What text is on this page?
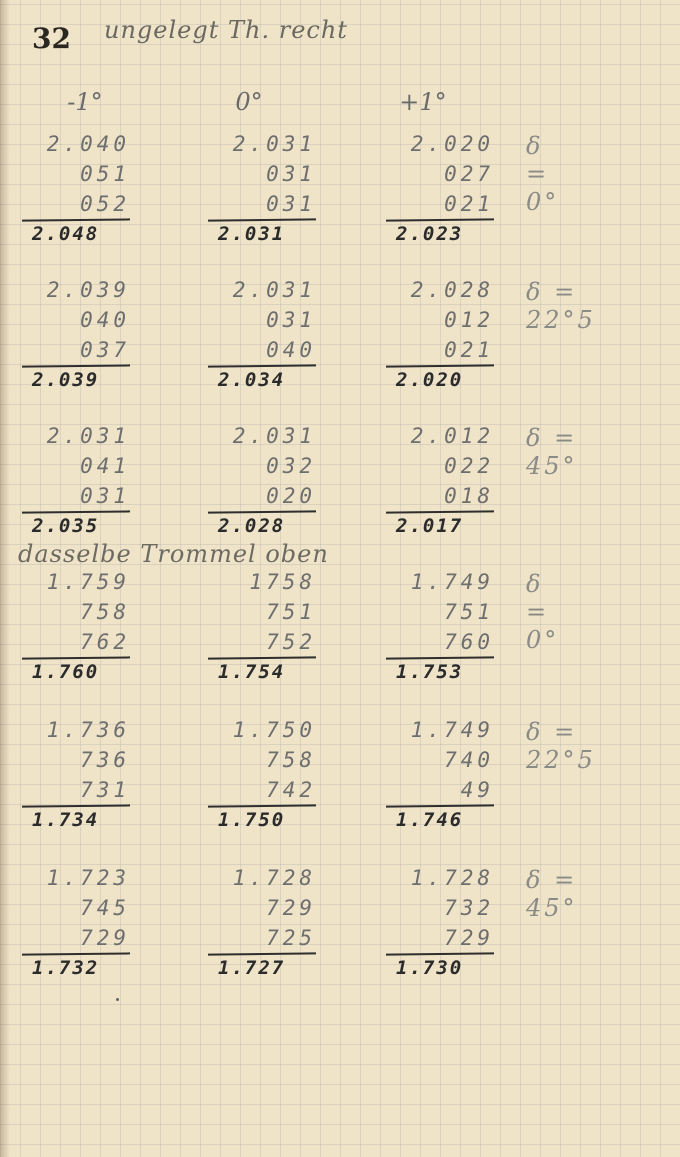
32 ungelegt Th. recht
-1°	0°	+1°
2.040
051
052
2.048
2.031
031
031
2.031
2.020
027
021
2.023
δ = 0°
2.039
040
037
2.039
2.031
031
040
2.034
2.028
012
021
2.020
δ = 22°5
2.031
041
031
2.035
2.031
032
020
2.028
2.012
022
018
2.017
δ = 45°
dasselbe Trommel oben
1.759
758
762
1.760
1758
751
752
1.754
1.749
751
760
1.753
δ = 0°
1.736
736
731
1.734
1.750
758
742
1.750
1.749
740
49
1.746
δ = 22°5
1.723
745
729
1.732
1.728
729
725
1.727
1.728
732
729
1.730
δ = 45°
